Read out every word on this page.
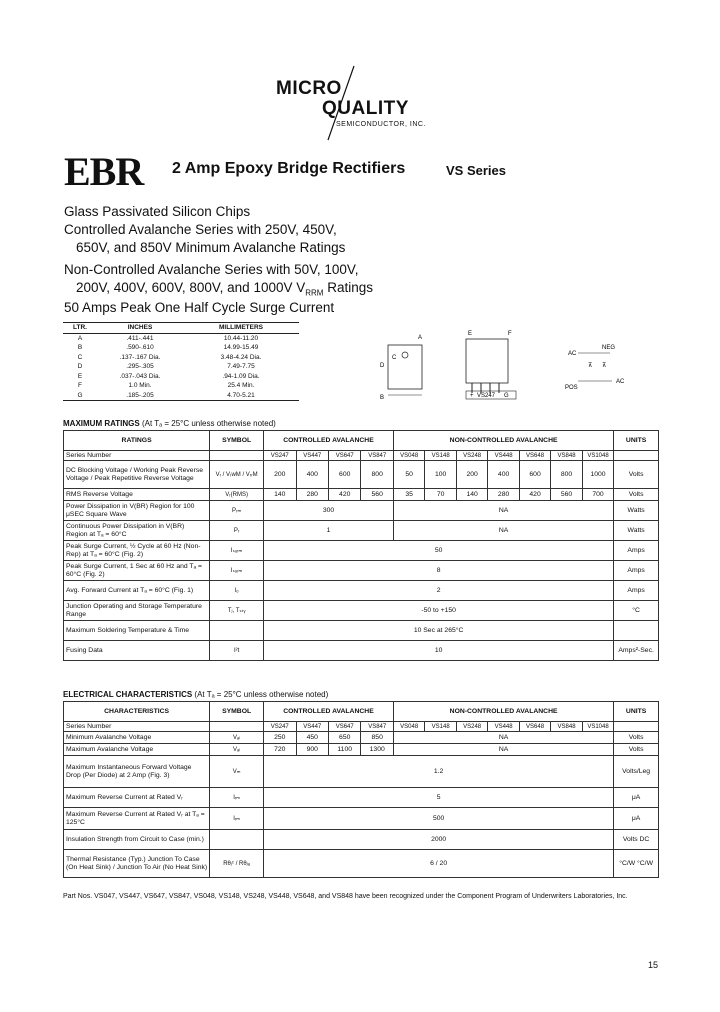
MICRO
QUALITY
SEMICONDUCTOR, INC.
EBR 2 Amp Epoxy Bridge Rectifiers	VS Series
Glass Passivated Silicon Chips
Controlled Avalanche Series with 250V, 450V,
650V, and 850V Minimum Avalanche Ratings
Non-Controlled Avalanche Series with 50V, 100V,
200V, 400V, 600V, 800V, and 1000V $V_{RRM}$ Ratings
50 Amps Peak One Half Cycle Surge Current
LTR.	INCHES	MILLIMETERS
A	.411-.441	10.44-11.20
B	.590-.610	14.99-15.49
C	.137-.167 Dia.	3.48-4.24 Dia.
D	.295-.305	7.49-7.75
E	.037-.043 Dia.	.94-1.09 Dia.
F	1.0 Min.	25.4 Min.
G	.185-.205	4.70-5.21
A
B
C
D
+ VS247 G
E	F
AC
NEG
POS
AC
⊼ ⊼
MAXIMUM RATINGS (At Tₐ = 25°C unless otherwise noted)
RATINGS	SYMBOL	CONTROLLED AVALANCHE				NON-CONTROLLED AVALANCHE							UNITS
Series Number		VS247	VS447	VS647	VS847	VS048	VS148	VS248	VS448	VS648	VS848	VS1048	
DC Blocking Voltage / Working Peak Reverse Voltage / Peak Repetitive Reverse Voltage	Vᵣ / VᵣwM / VᵣᵣM	200	400	600	800	50	100	200	400	600	800	1000	Volts
RMS Reverse Voltage	Vᵣ(RMS)	140	280	420	560	35	70	140	280	420	560	700	Volts
Power Dissipation in V(BR) Region for 100 μSEC Square Wave	Pᵣₘ	300				NA							Watts
Continuous Power Dissipation in V(BR) Region at Tₐ = 60°C	Pᵣ	1				NA							Watts
Peak Surge Current, ½ Cycle at 60 Hz (Non-Rep) at Tₐ = 60°C (Fig. 2)	Iₛᵤᵣₘ	50											Amps
Peak Surge Current, 1 Sec at 60 Hz and Tₐ = 60°C (Fig. 2)	Iₛᵤᵣₘ	8											Amps
Avg. Forward Current at Tₐ = 60°C (Fig. 1)	Iₒ	2											Amps
Junction Operating and Storage Temperature Range	Tⱼ, Tₛₜᵧ	-50 to +150											°C
Maximum Soldering Temperature & Time		10 Sec at 265°C											
Fusing Data	I²t	10											Amps²-Sec.
ELECTRICAL CHARACTERISTICS (At Tₐ = 25°C unless otherwise noted)
CHARACTERISTICS	SYMBOL	CONTROLLED AVALANCHE				NON-CONTROLLED AVALANCHE							UNITS
Series Number		VS247	VS447	VS647	VS847	VS048	VS148	VS248	VS448	VS648	VS848	VS1048	
Minimum Avalanche Voltage	Vₐₗ	250	450	650	850	NA							Volts
Maximum Avalanche Voltage	Vₐₗ	720	900	1100	1300	NA							Volts
Maximum Instantaneous Forward Voltage Drop (Per Diode) at 2 Amp (Fig. 3)	Vₘ	1.2											Volts/Leg
Maximum Reverse Current at Rated Vᵣ	Iᵣₘ	5											μA
Maximum Reverse Current at Rated Vᵣ at Tₐ = 125°C	Iᵣₘ	500											μA
Insulation Strength from Circuit to Case (min.)		2000											Volts DC
Thermal Resistance (Typ.) Junction To Case (On Heat Sink) / Junction To Air (No Heat Sink)	Rθⱼᶜ / Rθⱼₐ	6 / 20											°C/W °C/W
Part Nos. VS047, VS447, VS647, VS847, VS048, VS148, VS248, VS448, VS648, and VS848 have been recognized under the Component Program of Underwriters Laboratories, Inc.
15
